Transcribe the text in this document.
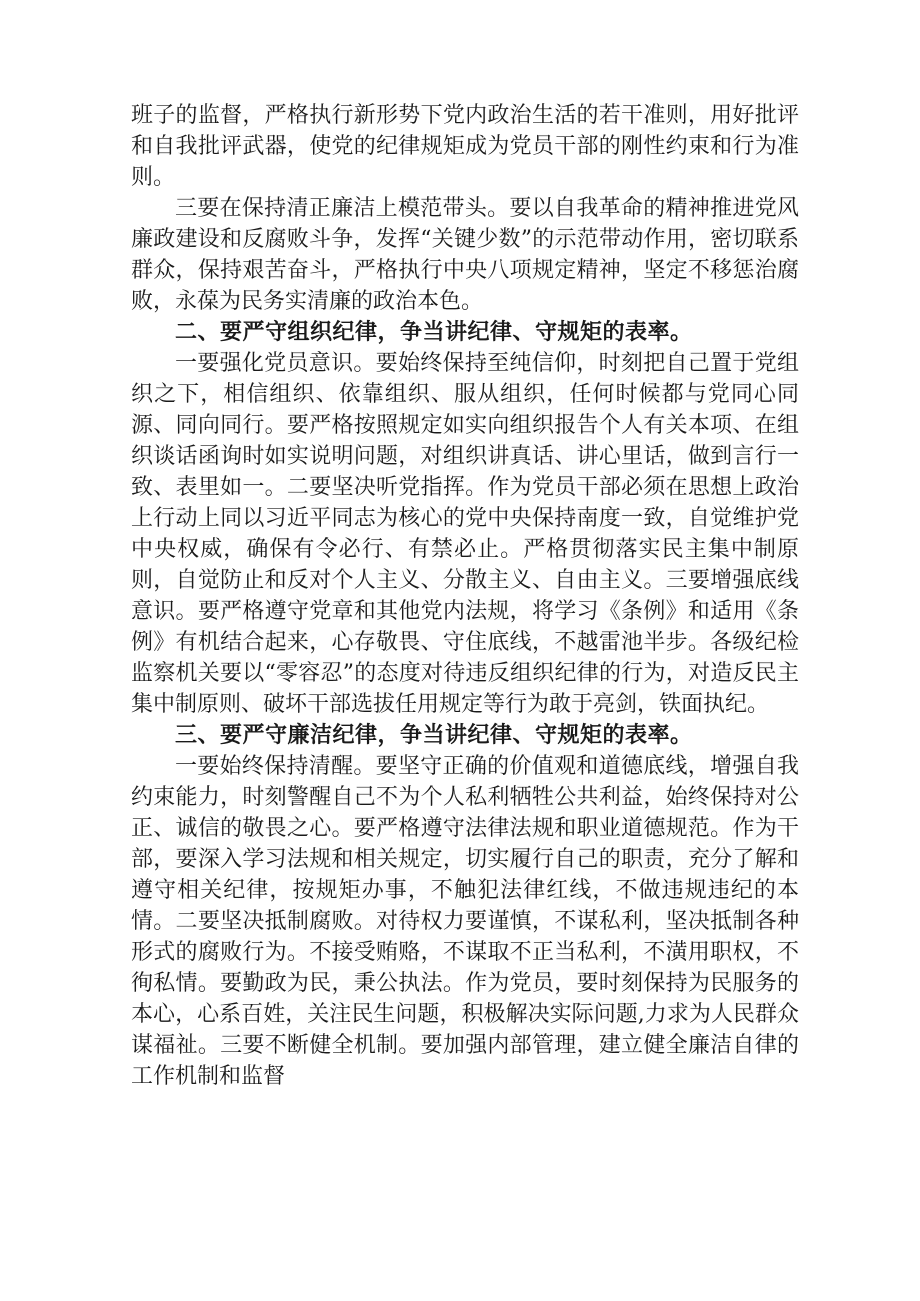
班子的监督，严格执行新形势下党内政治生活的若干准则，用好批评和自我批评武器，使党的纪律规矩成为党员干部的刚性约束和行为准则。

三要在保持清正廉洁上模范带头。要以自我革命的精神推进党风廉政建设和反腐败斗争，发挥“关键少数”的示范带动作用，密切联系群众，保持艰苦奋斗，严格执行中央八项规定精神，坚定不移惩治腐败，永葆为民务实清廉的政治本色。

二、要严守组织纪律，争当讲纪律、守规矩的表率。

一要强化党员意识。要始终保持至纯信仰，时刻把自己置于党组织之下，相信组织、依靠组织、服从组织，任何时候都与党同心同源、同向同行。要严格按照规定如实向组织报告个人有关本项、在组织谈话函询时如实说明问题，对组织讲真话、讲心里话，做到言行一致、表里如一。二要坚决听党指挥。作为党员干部必须在思想上政治上行动上同以习近平同志为核心的党中央保持南度一致，自觉维护党中央权威，确保有令必行、有禁必止。严格贯彻落实民主集中制原则，自觉防止和反对个人主义、分散主义、自由主义。三要增强底线意识。要严格遵守党章和其他党内法规，将学习《条例》和适用《条例》有机结合起来，心存敬畏、守住底线，不越雷池半步。各级纪检监察机关要以“零容忍”的态度对待违反组织纪律的行为，对造反民主集中制原则、破坏干部选拔任用规定等行为敢于亮剑，铁面执纪。

三、要严守廉洁纪律，争当讲纪律、守规矩的表率。

一要始终保持清醒。要坚守正确的价值观和道德底线，增强自我约束能力，时刻警醒自己不为个人私利牺牲公共利益，始终保持对公正、诚信的敬畏之心。要严格遵守法律法规和职业道德规范。作为干部，要深入学习法规和相关规定，切实履行自己的职责，充分了解和遵守相关纪律，按规矩办事，不触犯法律红线，不做违规违纪的本情。二要坚决抵制腐败。对待权力要谨慎，不谋私利，坚决抵制各种形式的腐败行为。不接受贿赂，不谋取不正当私利，不潢用职权，不徇私情。要勤政为民，秉公执法。作为党员，要时刻保持为民服务的本心，心系百姓，关注民生问题，积极解决实际问题,力求为人民群众谋福祉。三要不断健全机制。要加强内部管理，建立健全廉洁自律的工作机制和监督
